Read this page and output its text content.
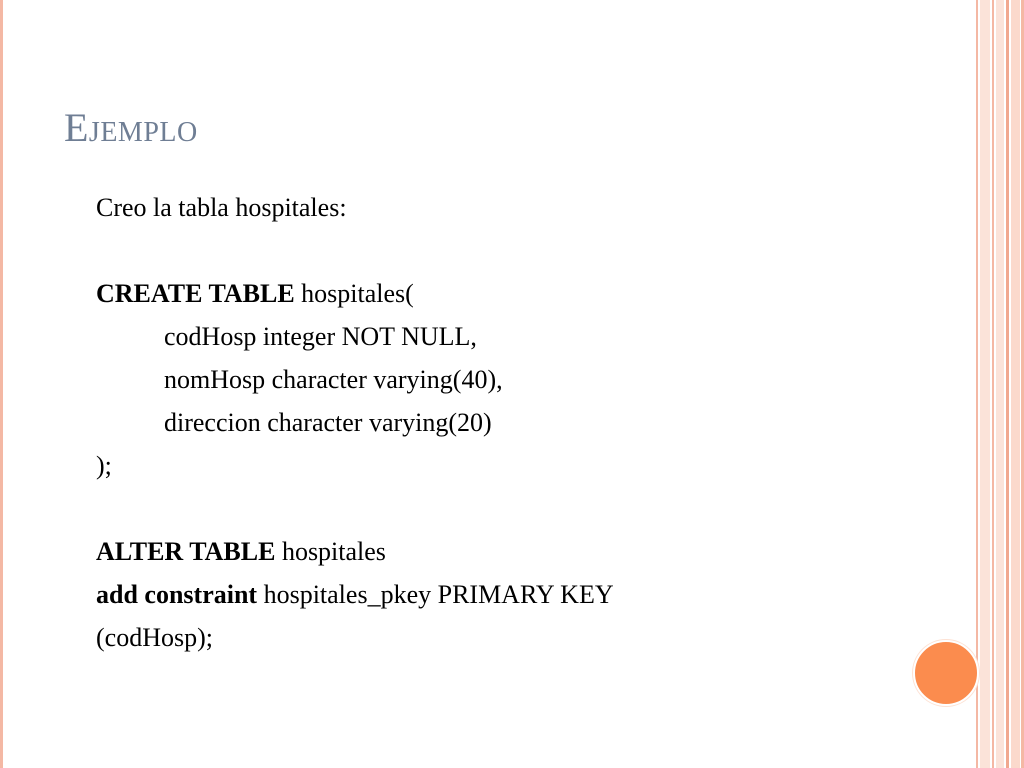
Ejemplo
Creo la tabla hospitales:
CREATE TABLE hospitales(
codHosp integer NOT NULL,
nomHosp character varying(40),
direccion character varying(20)
);
ALTER TABLE hospitales
add constraint hospitales_pkey PRIMARY KEY
(codHosp);
